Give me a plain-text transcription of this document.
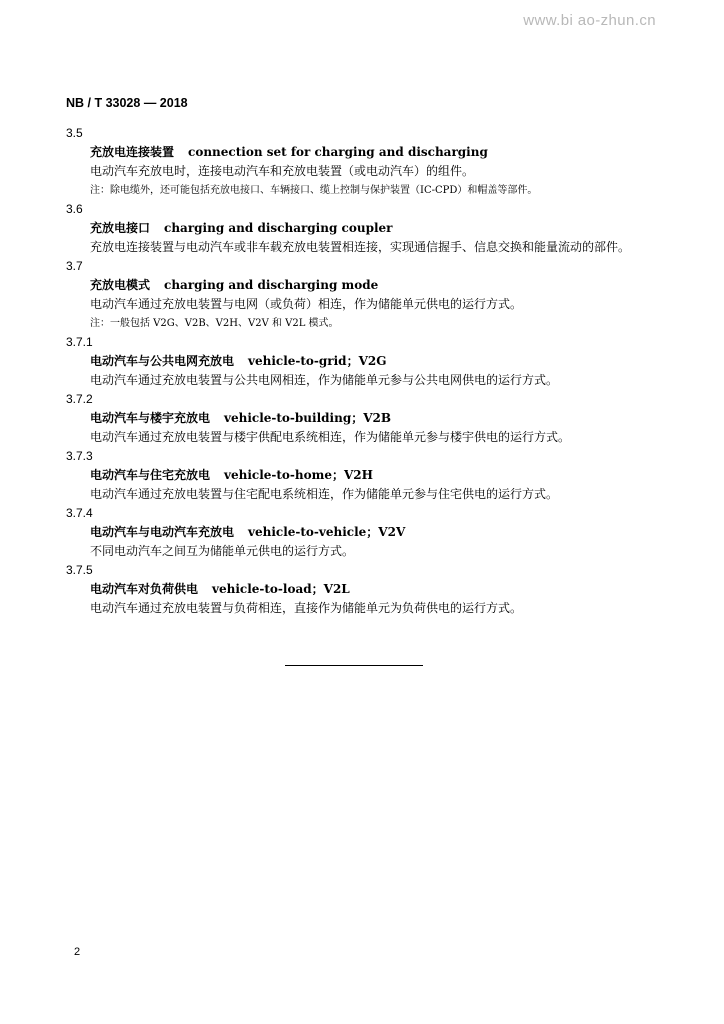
www.bi ao-zhun.cn
NB / T 33028 — 2018
3.5
充放电连接装置 connection set for charging and discharging
电动汽车充放电时，连接电动汽车和充放电装置（或电动汽车）的组件。
注：除电缆外，还可能包括充放电接口、车辆接口、缆上控制与保护装置（IC-CPD）和帽盖等部件。
3.6
充放电接口 charging and discharging coupler
充放电连接装置与电动汽车或非车载充放电装置相连接，实现通信握手、信息交换和能量流动的部件。
3.7
充放电模式 charging and discharging mode
电动汽车通过充放电装置与电网（或负荷）相连，作为储能单元供电的运行方式。
注：一般包括 V2G、V2B、V2H、V2V 和 V2L 模式。
3.7.1
电动汽车与公共电网充放电 vehicle-to-grid；V2G
电动汽车通过充放电装置与公共电网相连，作为储能单元参与公共电网供电的运行方式。
3.7.2
电动汽车与楼宇充放电 vehicle-to-building；V2B
电动汽车通过充放电装置与楼宇供配电系统相连，作为储能单元参与楼宇供电的运行方式。
3.7.3
电动汽车与住宅充放电 vehicle-to-home；V2H
电动汽车通过充放电装置与住宅配电系统相连，作为储能单元参与住宅供电的运行方式。
3.7.4
电动汽车与电动汽车充放电 vehicle-to-vehicle；V2V
不同电动汽车之间互为储能单元供电的运行方式。
3.7.5
电动汽车对负荷供电 vehicle-to-load；V2L
电动汽车通过充放电装置与负荷相连，直接作为储能单元为负荷供电的运行方式。
2
